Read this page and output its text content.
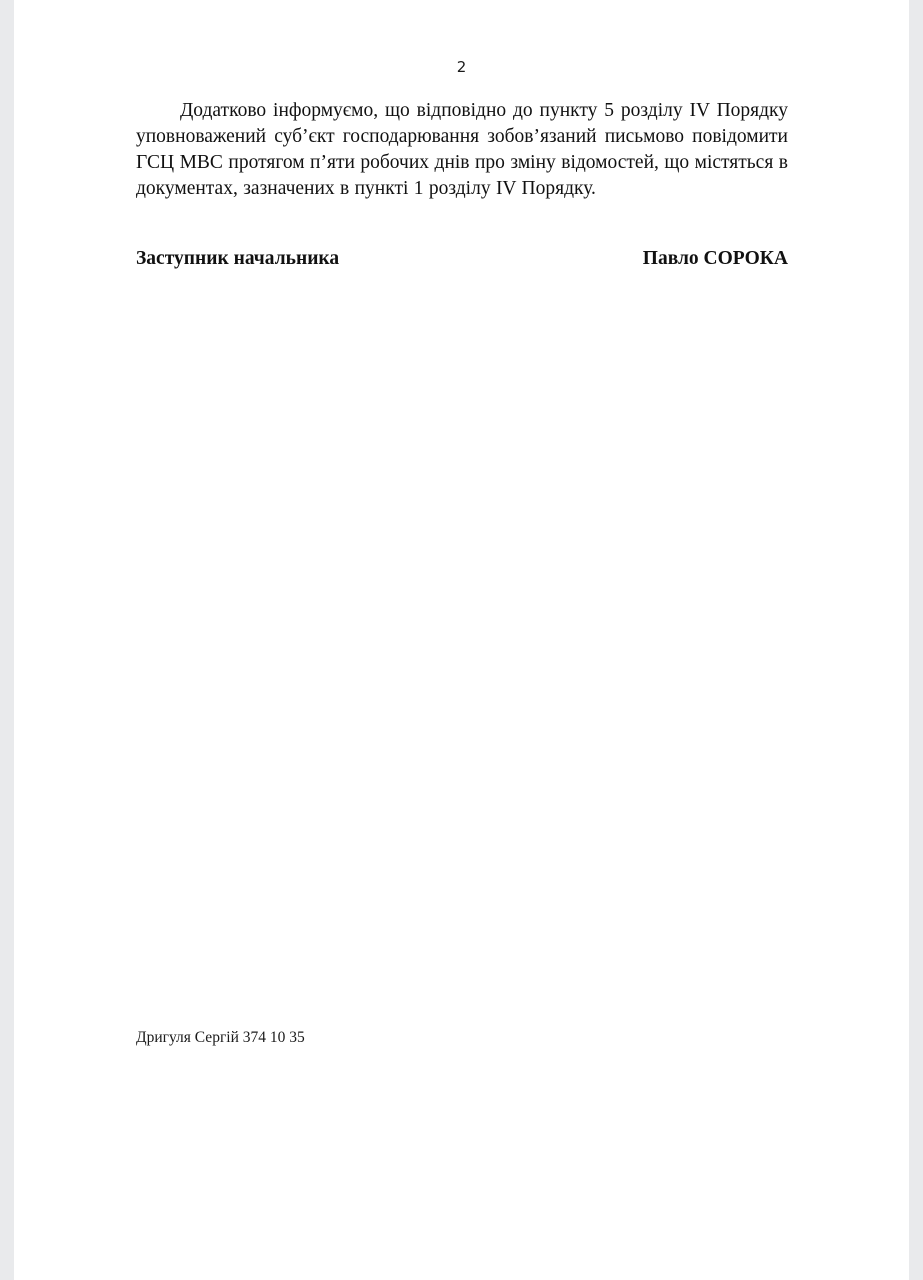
2
Додатково інформуємо, що відповідно до пункту 5 розділу IV Порядку уповноважений суб’єкт господарювання зобов’язаний письмово повідомити ГСЦ МВС протягом п’яти робочих днів про зміну відомостей, що містяться в документах, зазначених в пункті 1 розділу IV Порядку.
Заступник начальника	Павло СОРОКА
Дригуля Сергій 374 10 35
